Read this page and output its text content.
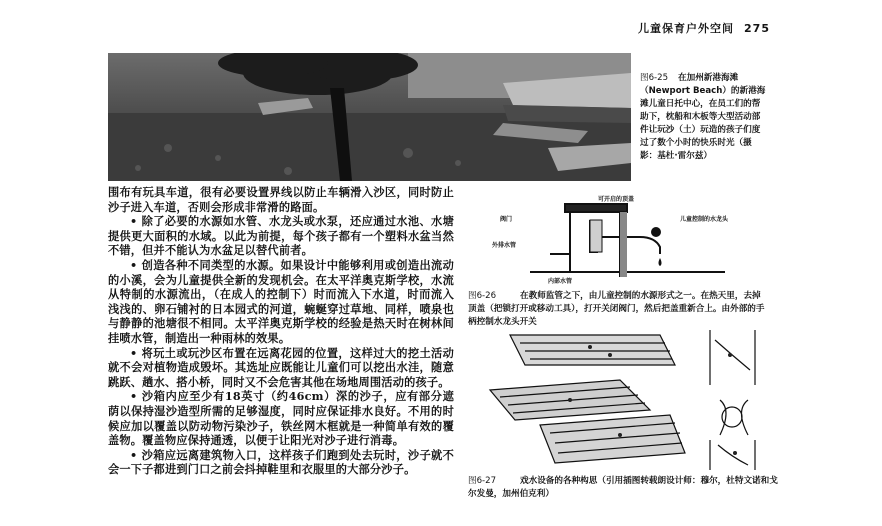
儿童保育户外空间 275
图6-25 在加州新港海滩（Newport Beach）的新港海滩儿童日托中心，在员工们的帮助下，枕船和木板等大型活动部件让玩沙（土）玩造的孩子们度过了数个小时的快乐时光（摄影：基杜·雷尔兹）

围布有玩具车道，很有必要设置界线以防止车辆滑入沙区，同时防止沙子进入车道，否则会形成非常滑的路面。

• 除了必要的水源如水管、水龙头或水泵，还应通过水池、水塘提供更大面积的水域。以此为前提，每个孩子都有一个塑料水盆当然不错，但并不能认为水盆足以替代前者。

• 创造各种不同类型的水源。如果设计中能够利用或创造出流动的小溪，会为儿童提供全新的发现机会。在太平洋奥克斯学校，水流从特制的水源流出，（在成人的控制下）时而流入下水道，时而流入浅浅的、卵石铺衬的日本园式的河道，蜿蜒穿过草地、同样，喷泉也与静静的池塘很不相同。太平洋奥克斯学校的经验是热天时在树林间挂喷水管，制造出一种雨林的效果。

• 将玩土或玩沙区布置在远离花园的位置，这样过大的挖土活动就不会对植物造成毁坏。其选址应既能让儿童们可以挖出水洼，随意跳跃、趟水、搭小桥，同时又不会危害其他在场地周围活动的孩子。

• 沙箱内应至少有18英寸（约46cm）深的沙子，应有部分遮荫以保持湿沙造型所需的足够湿度，同时应保证排水良好。不用的时候应加以覆盖以防动物污染沙子，铁丝网木框就是一种简单有效的覆盖物。覆盖物应保持通透，以便于让阳光对沙子进行消毒。

• 沙箱应远离建筑物入口，这样孩子们跑到处去玩时，沙子就不会一下子都进到门口之前会抖掉鞋里和衣服里的大部分沙子。

可开启的顶盖
阀门
外排水管
儿童控制的水龙头
内部水管
图6-26	在教师监管之下，由儿童控制的水源形式之一。在热天里，去掉顶盖（把锁打开或移动工具），打开关闭阀门，然后把盖重新合上。由外部的手柄控制水龙头开关
图6-27	戏水设备的各种构思（引用插图转载朗设计师：穆尔，杜特文诺和戈尔发曼，加州伯克利）
